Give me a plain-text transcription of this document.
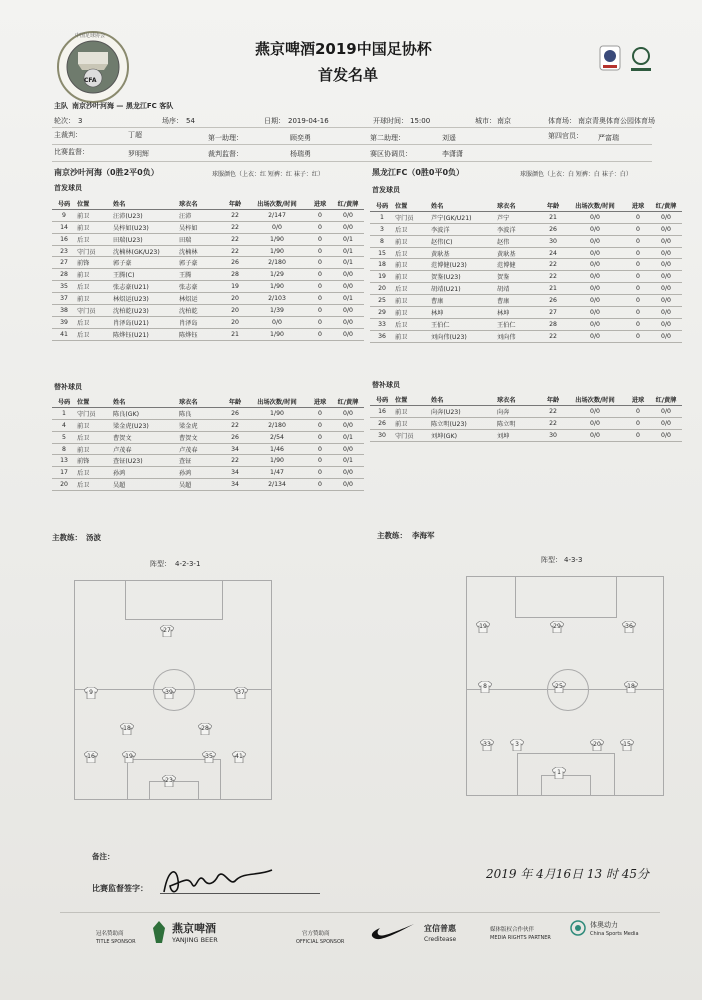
CFA
中国足球协会
燕京啤酒2019中国足协杯
首发名单
主队 南京沙叶河海 — 黑龙江FC 客队
轮次： 3	场序： 54	日期： 2019-04-16	开球时间： 15:00	城市： 南京	体育场： 南京青奥体育公园体育场
主裁判：	丁超	第一助理：	顾奕勇	第二助理：	刘遥	第四官员： 严富瑞
比赛监督：	罗明辉	裁判监督：	杨瑞勇	赛区协调员：	李潇潇
南京沙叶河海（0胜2平0负）	球服颜色（上衣：红 短裤：红 袜子：红）	黑龙江FC（0胜0平0负）	球服颜色（上衣：白 短裤：白 袜子：白）
首发球员	首发球员
号码	位置	姓名	球衣名	年龄	出场次数/时间	进球	红/黄牌
9	前卫	汪沛(U23)	汪沛	22	2/147	0	0/0
14	前卫	吴梓如(U23)	吴梓如	22	0/0	0	0/0
16	后卫	田瑞(U23)	田瑞	22	1/90	0	0/1
23	守门员	沈楠林(GK/U23)	沈楠林	22	1/90	0	0/1
27	前锋	郭子豪	郭子豪	26	2/180	0	0/1
28	前卫	王腾(C)	王腾	28	1/29	0	0/0
35	后卫	张志豪(U21)	张志豪	19	1/90	0	0/0
37	前卫	林炤运(U23)	林炤运	20	2/103	0	0/1
38	守门员	沈柏乾(U23)	沈柏乾	20	1/39	0	0/0
39	后卫	肖泽岛(U21)	肖泽岛	20	0/0	0	0/0
41	后卫	陈烨钰(U21)	陈烨钰	21	1/90	0	0/0
号码	位置	姓名	球衣名	年龄	出场次数/时间	进球	红/黄牌
1	守门员	芦宁(GK/U21)	芦宁	21	0/0	0	0/0
3	后卫	李波洋	李波洋	26	0/0	0	0/0
8	前卫	赵伟(C)	赵伟	30	0/0	0	0/0
15	后卫	黄耿基	黄耿基	24	0/0	0	0/0
18	前卫	范博健(U23)	范博健	22	0/0	0	0/0
19	前卫	贺鉴(U23)	贺鉴	22	0/0	0	0/0
20	后卫	胡靖(U21)	胡靖	21	0/0	0	0/0
25	前卫	曹康	曹康	26	0/0	0	0/0
29	前卫	林坤	林坤	27	0/0	0	0/0
33	后卫	王伯仁	王伯仁	28	0/0	0	0/0
36	前卫	刘向伟(U23)	刘向伟	22	0/0	0	0/0
替补球员	替补球员
号码	位置	姓名	球衣名	年龄	出场次数/时间	进球	红/黄牌
1	守门员	陈良(GK)	陈良	26	1/90	0	0/0
4	前卫	梁金虎(U23)	梁金虎	22	2/180	0	0/0
5	后卫	曹贺文	曹贺文	26	2/54	0	0/1
8	前卫	卢茂春	卢茂春	34	1/46	0	0/0
13	前锋	查钲(U23)	查钲	22	1/90	0	0/1
17	后卫	孙鸿	孙鸿	34	1/47	0	0/0
20	后卫	吴超	吴超	34	2/134	0	0/0
号码	位置	姓名	球衣名	年龄	出场次数/时间	进球	红/黄牌
16	前卫	向奔(U23)	向奔	22	0/0	0	0/0
26	前卫	陈立明(U23)	陈立明	22	0/0	0	0/0
30	守门员	刘坤(GK)	刘坤	30	0/0	0	0/0
主教练： 汤波	主教练： 李海军
阵型： 4-2-3-1	阵型： 4-3-3
27
9	39	37
18	28
16	19	35	41
23
19	29	36
8	25	18
33	3	20	15
1
备注：
比赛监督签字：
2019 年 4月16日 13 时 45分
燕京啤酒
YANJING BEER
冠名赞助商
TITLE SPONSOR
官方赞助商
OFFICIAL SPONSOR
宜信普惠
Creditease
媒体版权合作伙伴
MEDIA RIGHTS PARTNER
体奥动力
China Sports Media
